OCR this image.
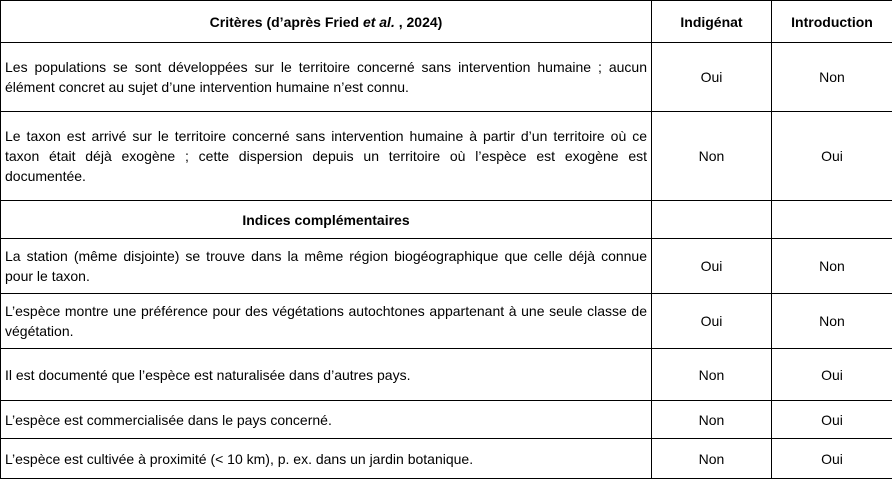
Critères (d’après Fried et al. , 2024)	Indigénat	Introduction
Les populations se sont développées sur le territoire concerné sans intervention humaine ; aucun élément concret au sujet d’une intervention humaine n’est connu.	Oui	Non
Le taxon est arrivé sur le territoire concerné sans intervention humaine à partir d’un territoire où ce taxon était déjà exogène ; cette dispersion depuis un territoire où l’espèce est exogène est documentée.	Non	Oui
Indices complémentaires		
La station (même disjointe) se trouve dans la même région biogéographique que celle déjà connue pour le taxon.	Oui	Non
L’espèce montre une préférence pour des végétations autochtones appartenant à une seule classe de végétation.	Oui	Non
Il est documenté que l’espèce est naturalisée dans d’autres pays.	Non	Oui
L’espèce est commercialisée dans le pays concerné.	Non	Oui
L’espèce est cultivée à proximité (< 10 km), p. ex. dans un jardin botanique.	Non	Oui
